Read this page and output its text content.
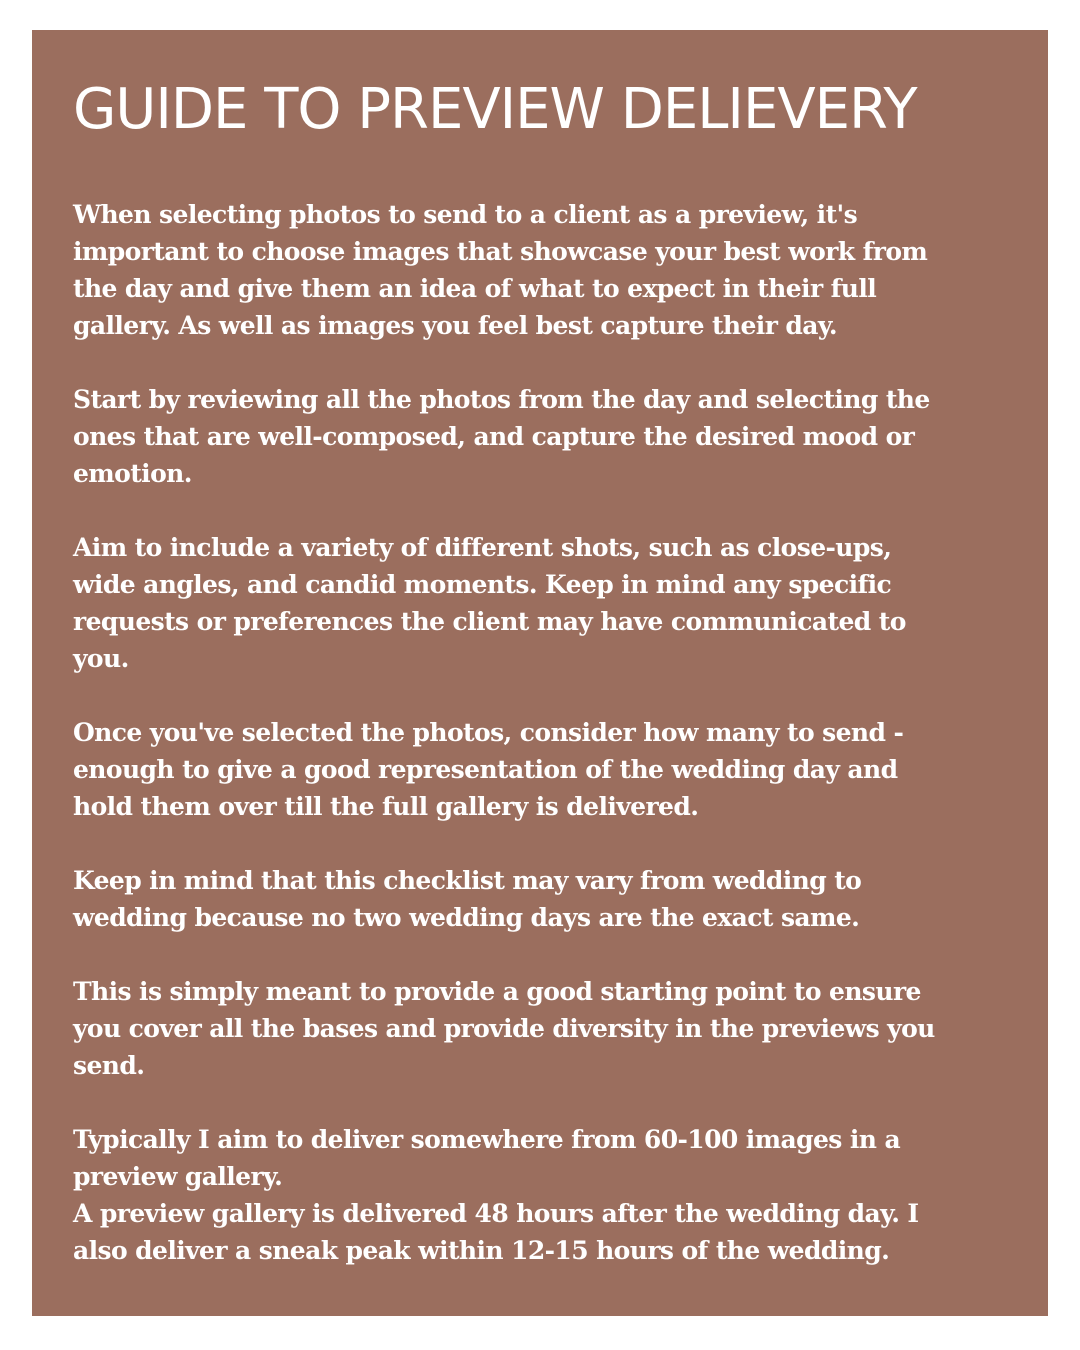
GUIDE TO PREVIEW DELIEVERY

When selecting photos to send to a client as a preview, it's
important to choose images that showcase your best work from
the day and give them an idea of what to expect in their full
gallery. As well as images you feel best capture their day.

Start by reviewing all the photos from the day and selecting the
ones that are well-composed, and capture the desired mood or
emotion.

Aim to include a variety of different shots, such as close-ups,
wide angles, and candid moments. Keep in mind any specific
requests or preferences the client may have communicated to
you.

Once you've selected the photos, consider how many to send -
enough to give a good representation of the wedding day and
hold them over till the full gallery is delivered.

Keep in mind that this checklist may vary from wedding to
wedding because no two wedding days are the exact same.

This is simply meant to provide a good starting point to ensure
you cover all the bases and provide diversity in the previews you
send.

Typically I aim to deliver somewhere from 60-100 images in a
preview gallery.
A preview gallery is delivered 48 hours after the wedding day. I
also deliver a sneak peak within 12-15 hours of the wedding.
